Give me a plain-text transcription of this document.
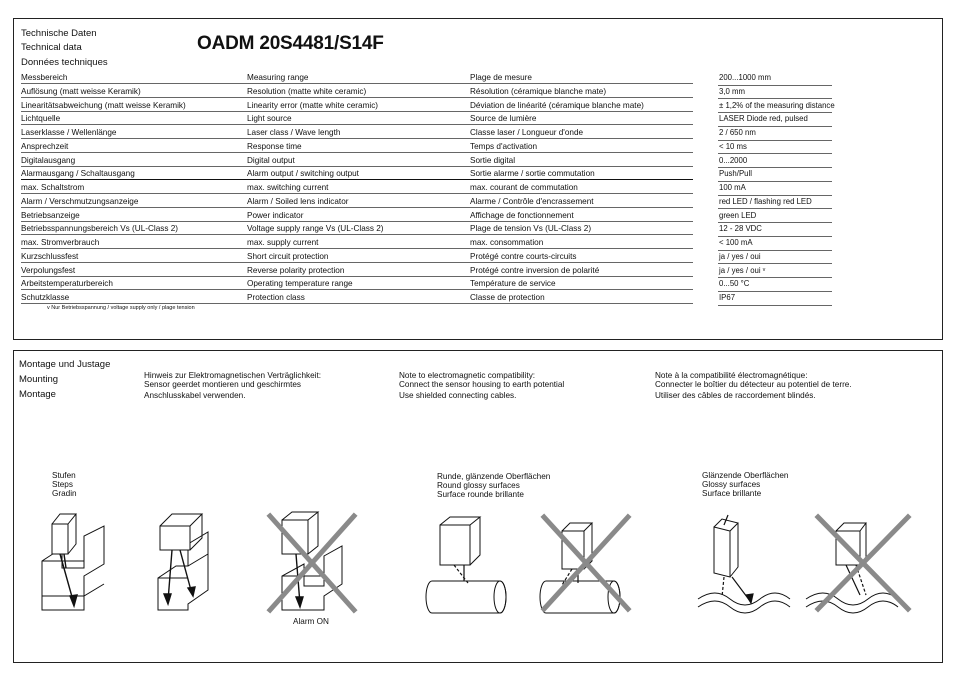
Technische Daten
Technical data
Données techniques
OADM 20S4481/S14F
Messbereich	Measuring range	Plage de mesure	200...1000 mm
Auflösung (matt weisse Keramik)	Resolution (matte white ceramic)	Résolution (céramique blanche mate)	3,0 mm
Linearitätsabweichung (matt weisse Keramik)	Linearity error (matte white ceramic)	Déviation de linéarité (céramique blanche mate)	± 1,2% of the measuring distance
Lichtquelle	Light source	Source de lumière	LASER Diode red, pulsed
Laserklasse / Wellenlänge	Laser class / Wave length	Classe laser / Longueur d'onde	2 / 650 nm
Ansprechzeit	Response time	Temps d'activation	< 10 ms
Digitalausgang	Digital output	Sortie digital	0...2000
Alarmausgang / Schaltausgang	Alarm output / switching output	Sortie alarme / sortie commutation	Push/Pull
max. Schaltstrom	max. switching current	max. courant de commutation	100 mA
Alarm / Verschmutzungsanzeige	Alarm / Soiled lens indicator	Alarme / Contrôle d'encrassement	red LED / flashing red LED
Betriebsanzeige	Power indicator	Affichage de fonctionnement	green LED
Betriebsspannungsbereich Vs (UL-Class 2)	Voltage supply range Vs (UL-Class 2)	Plage de tension Vs (UL-Class 2)	12 - 28 VDC
max. Stromverbrauch	max. supply current	max. consommation	< 100 mA
Kurzschlussfest	Short circuit protection	Protégé contre courts-circuits	ja / yes / oui
Verpolungsfest	Reverse polarity protection	Protégé contre inversion de polarité	ja / yes / oui ᵛ
Arbeitstemperaturbereich	Operating temperature range	Température de service	0...50 °C
Schutzklasse	Protection class	Classe de protection	IP67
v Nur Betriebsspannung / voltage supply only / plage tension
Montage und Justage
Mounting
Montage
Hinweis zur Elektromagnetischen Verträglichkeit:
Sensor geerdet montieren und geschirmtes
Anschlusskabel verwenden.
Note to electromagnetic compatibility:
Connect the sensor housing to earth potential
Use shielded connecting cables.
Note à la compatibilité électromagnétique:
Connecter le boîtier du détecteur au potentiel de terre.
Utiliser des câbles de raccordement blindés.
Stufen
Steps
Gradin
Runde, glänzende Oberflächen
Round glossy surfaces
Surface rounde brillante
Glänzende Oberflächen
Glossy surfaces
Surface brillante
Alarm ON
